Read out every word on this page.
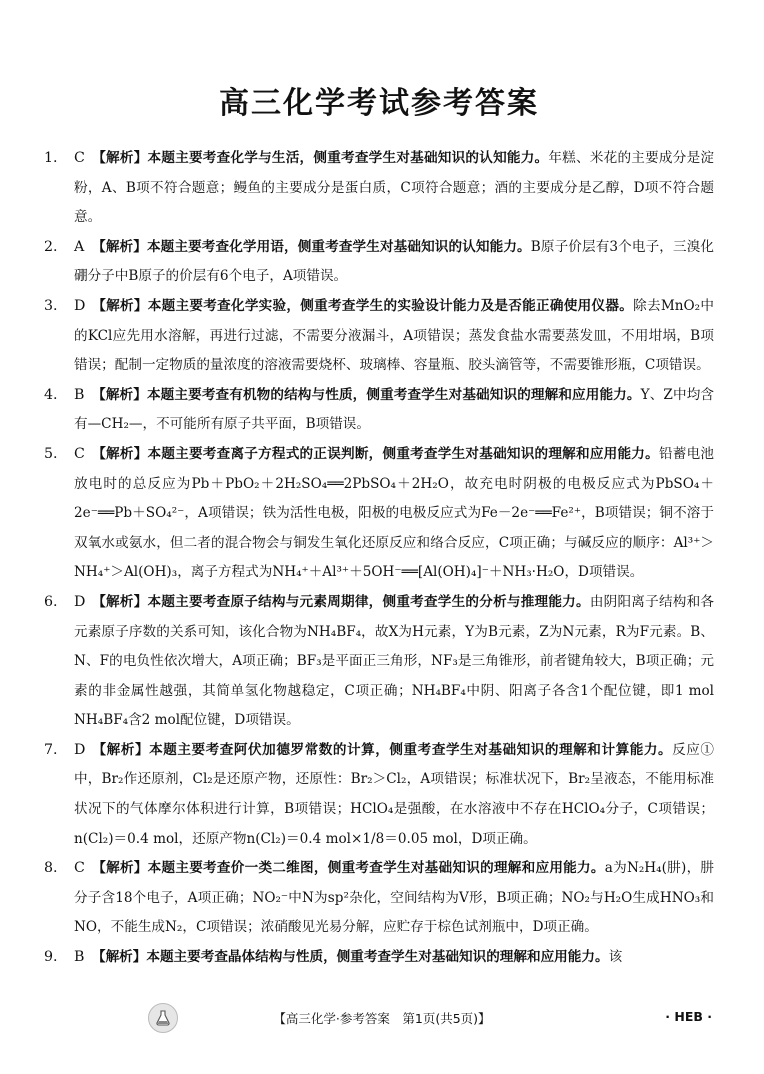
高三化学考试参考答案
1.	C 【解析】本题主要考查化学与生活，侧重考查学生对基础知识的认知能力。年糕、米花的主要成分是淀粉，A、B项不符合题意；鳗鱼的主要成分是蛋白质，C项符合题意；酒的主要成分是乙醇，D项不符合题意。
2.	A 【解析】本题主要考查化学用语，侧重考查学生对基础知识的认知能力。B原子价层有3个电子，三溴化硼分子中B原子的价层有6个电子，A项错误。
3.	D 【解析】本题主要考查化学实验，侧重考查学生的实验设计能力及是否能正确使用仪器。除去MnO₂中的KCl应先用水溶解，再进行过滤，不需要分液漏斗，A项错误；蒸发食盐水需要蒸发皿，不用坩埚，B项错误；配制一定物质的量浓度的溶液需要烧杯、玻璃棒、容量瓶、胶头滴管等，不需要锥形瓶，C项错误。
4.	B 【解析】本题主要考查有机物的结构与性质，侧重考查学生对基础知识的理解和应用能力。Y、Z中均含有—CH₂—，不可能所有原子共平面，B项错误。
5.	C 【解析】本题主要考查离子方程式的正误判断，侧重考查学生对基础知识的理解和应用能力。铅蓄电池放电时的总反应为Pb＋PbO₂＋2H₂SO₄══2PbSO₄＋2H₂O，故充电时阴极的电极反应式为PbSO₄＋2e⁻══Pb＋SO₄²⁻，A项错误；铁为活性电极，阳极的电极反应式为Fe－2e⁻══Fe²⁺，B项错误；铜不溶于双氧水或氨水，但二者的混合物会与铜发生氧化还原反应和络合反应，C项正确；与碱反应的顺序：Al³⁺＞NH₄⁺＞Al(OH)₃，离子方程式为NH₄⁺＋Al³⁺＋5OH⁻══[Al(OH)₄]⁻＋NH₃·H₂O，D项错误。
6.	D 【解析】本题主要考查原子结构与元素周期律，侧重考查学生的分析与推理能力。由阴阳离子结构和各元素原子序数的关系可知，该化合物为NH₄BF₄，故X为H元素，Y为B元素，Z为N元素，R为F元素。B、N、F的电负性依次增大，A项正确；BF₃是平面正三角形，NF₃是三角锥形，前者键角较大，B项正确；元素的非金属性越强，其简单氢化物越稳定，C项正确；NH₄BF₄中阴、阳离子各含1个配位键，即1 mol NH₄BF₄含2 mol配位键，D项错误。
7.	D 【解析】本题主要考查阿伏加德罗常数的计算，侧重考查学生对基础知识的理解和计算能力。反应①中，Br₂作还原剂，Cl₂是还原产物，还原性：Br₂＞Cl₂，A项错误；标准状况下，Br₂呈液态，不能用标准状况下的气体摩尔体积进行计算，B项错误；HClO₄是强酸，在水溶液中不存在HClO₄分子，C项错误；n(Cl₂)＝0.4 mol，还原产物n(Cl₂)＝0.4 mol×1/8＝0.05 mol，D项正确。
8.	C 【解析】本题主要考查价一类二维图，侧重考查学生对基础知识的理解和应用能力。a为N₂H₄(肼)，肼分子含18个电子，A项正确；NO₂⁻中N为sp²杂化，空间结构为V形，B项正确；NO₂与H₂O生成HNO₃和NO，不能生成N₂，C项错误；浓硝酸见光易分解，应贮存于棕色试剂瓶中，D项正确。
9.	B 【解析】本题主要考查晶体结构与性质，侧重考查学生对基础知识的理解和应用能力。该
【高三化学·参考答案　第1页(共5页)】	· HEB ·
